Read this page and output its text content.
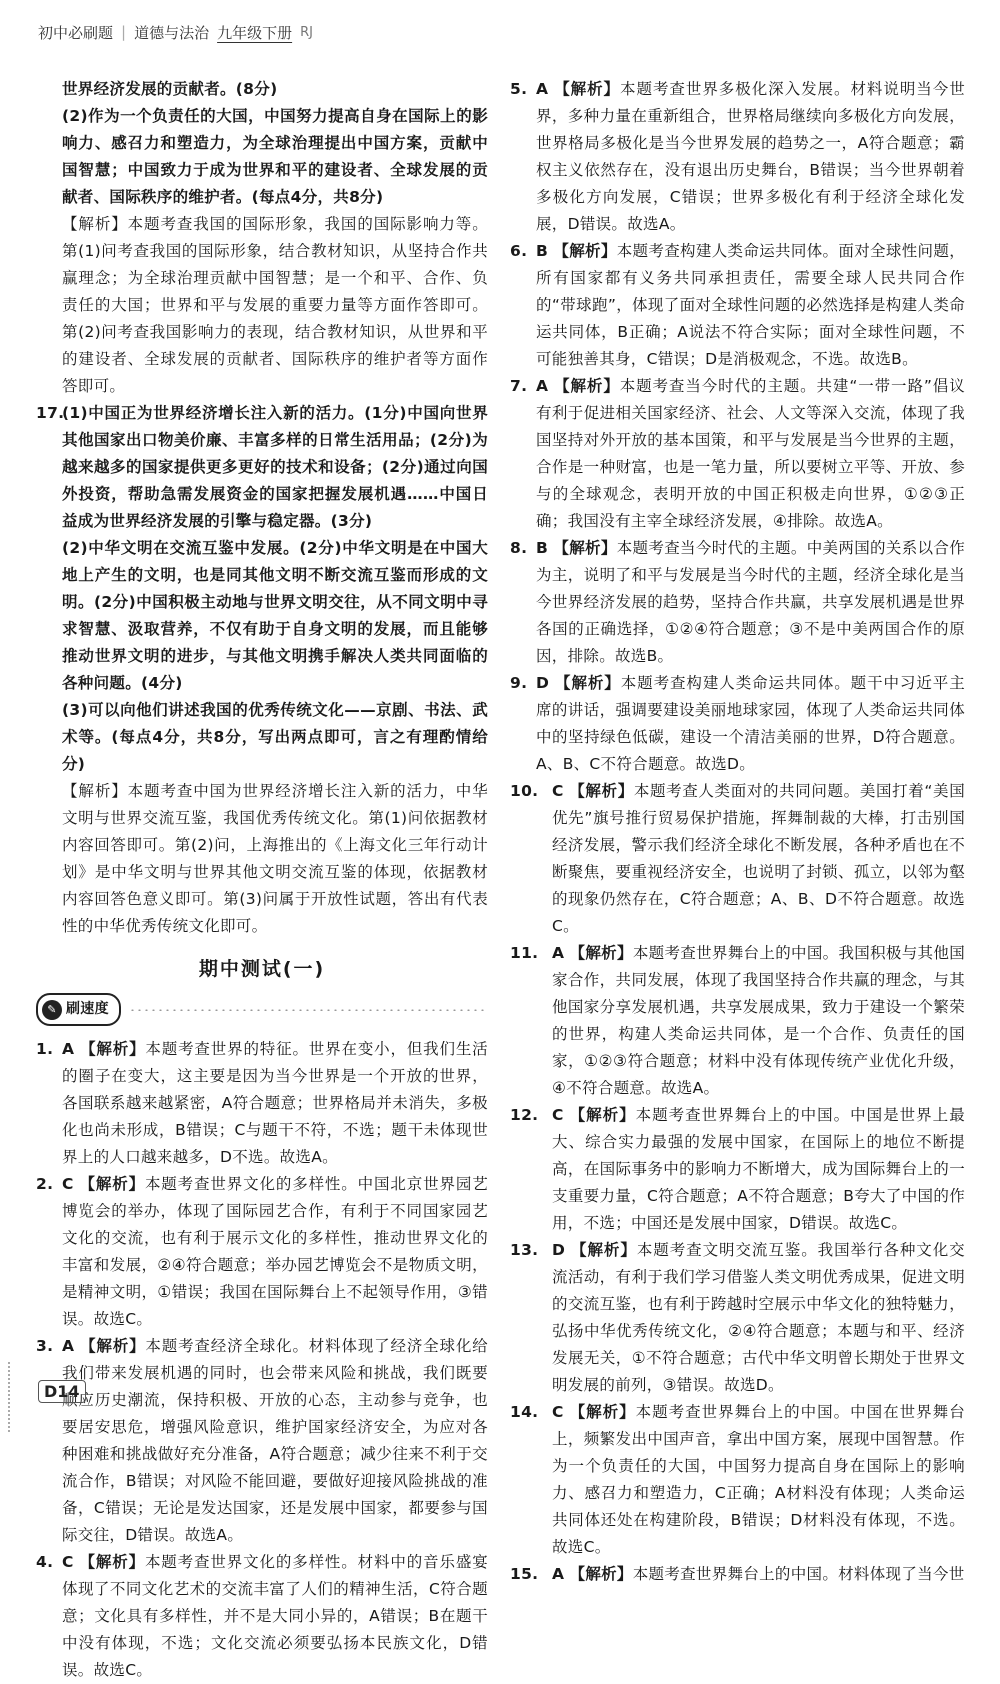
初中必刷题 | 道德与法治 九年级下册 RJ

世界经济发展的贡献者。(8分)

(2)作为一个负责任的大国，中国努力提高自身在国际上的影响力、感召力和塑造力，为全球治理提出中国方案，贡献中国智慧；中国致力于成为世界和平的建设者、全球发展的贡献者、国际秩序的维护者。(每点4分，共8分)

【解析】本题考查我国的国际形象，我国的国际影响力等。第(1)问考查我国的国际形象，结合教材知识，从坚持合作共赢理念；为全球治理贡献中国智慧；是一个和平、合作、负责任的大国；世界和平与发展的重要力量等方面作答即可。第(2)问考查我国影响力的表现，结合教材知识，从世界和平的建设者、全球发展的贡献者、国际秩序的维护者等方面作答即可。

17.

(1)中国正为世界经济增长注入新的活力。(1分)中国向世界其他国家出口物美价廉、丰富多样的日常生活用品；(2分)为越来越多的国家提供更多更好的技术和设备；(2分)通过向国外投资，帮助急需发展资金的国家把握发展机遇……中国日益成为世界经济发展的引擎与稳定器。(3分)

(2)中华文明在交流互鉴中发展。(2分)中华文明是在中国大地上产生的文明，也是同其他文明不断交流互鉴而形成的文明。(2分)中国积极主动地与世界文明交往，从不同文明中寻求智慧、汲取营养，不仅有助于自身文明的发展，而且能够推动世界文明的进步，与其他文明携手解决人类共同面临的各种问题。(4分)

(3)可以向他们讲述我国的优秀传统文化——京剧、书法、武术等。(每点4分，共8分，写出两点即可，言之有理酌情给分)

【解析】本题考查中国为世界经济增长注入新的活力，中华文明与世界交流互鉴，我国优秀传统文化。第(1)问依据教材内容回答即可。第(2)问，上海推出的《上海文化三年行动计划》是中华文明与世界其他文明交流互鉴的体现，依据教材内容回答色意义即可。第(3)问属于开放性试题，答出有代表性的中华优秀传统文化即可。

期中测试(一)
✎ 刷速度
1. A 【解析】本题考查世界的特征。世界在变小，但我们生活的圈子在变大，这主要是因为当今世界是一个开放的世界，各国联系越来越紧密，A符合题意；世界格局并未消失，多极化也尚未形成，B错误；C与题干不符，不选；题干未体现世界上的人口越来越多，D不选。故选A。
2. C 【解析】本题考查世界文化的多样性。中国北京世界园艺博览会的举办，体现了国际园艺合作，有利于不同国家园艺文化的交流，也有利于展示文化的多样性，推动世界文化的丰富和发展，②④符合题意；举办园艺博览会不是物质文明，是精神文明，①错误；我国在国际舞台上不起领导作用，③错误。故选C。
3. A 【解析】本题考查经济全球化。材料体现了经济全球化给我们带来发展机遇的同时，也会带来风险和挑战，我们既要顺应历史潮流，保持积极、开放的心态，主动参与竞争，也要居安思危，增强风险意识，维护国家经济安全，为应对各种困难和挑战做好充分准备，A符合题意；减少往来不利于交流合作，B错误；对风险不能回避，要做好迎接风险挑战的准备，C错误；无论是发达国家，还是发展中国家，都要参与国际交往，D错误。故选A。
4. C 【解析】本题考查世界文化的多样性。材料中的音乐盛宴体现了不同文化艺术的交流丰富了人们的精神生活，C符合题意；文化具有多样性，并不是大同小异的，A错误；B在题干中没有体现，不选；文化交流必须要弘扬本民族文化，D错误。故选C。
5. A 【解析】本题考查世界多极化深入发展。材料说明当今世界，多种力量在重新组合，世界格局继续向多极化方向发展，世界格局多极化是当今世界发展的趋势之一，A符合题意；霸权主义依然存在，没有退出历史舞台，B错误；当今世界朝着多极化方向发展，C错误；世界多极化有利于经济全球化发展，D错误。故选A。
6. B 【解析】本题考查构建人类命运共同体。面对全球性问题，所有国家都有义务共同承担责任，需要全球人民共同合作的“带球跑”，体现了面对全球性问题的必然选择是构建人类命运共同体，B正确；A说法不符合实际；面对全球性问题，不可能独善其身，C错误；D是消极观念，不选。故选B。
7. A 【解析】本题考查当今时代的主题。共建“一带一路”倡议有利于促进相关国家经济、社会、人文等深入交流，体现了我国坚持对外开放的基本国策，和平与发展是当今世界的主题，合作是一种财富，也是一笔力量，所以要树立平等、开放、参与的全球观念，表明开放的中国正积极走向世界，①②③正确；我国没有主宰全球经济发展，④排除。故选A。
8. B 【解析】本题考查当今时代的主题。中美两国的关系以合作为主，说明了和平与发展是当今时代的主题，经济全球化是当今世界经济发展的趋势，坚持合作共赢，共享发展机遇是世界各国的正确选择，①②④符合题意；③不是中美两国合作的原因，排除。故选B。
9. D 【解析】本题考查构建人类命运共同体。题干中习近平主席的讲话，强调要建设美丽地球家园，体现了人类命运共同体中的坚持绿色低碳，建设一个清洁美丽的世界，D符合题意。A、B、C不符合题意。故选D。
10. C 【解析】本题考查人类面对的共同问题。美国打着“美国优先”旗号推行贸易保护措施，挥舞制裁的大棒，打击别国经济发展，警示我们经济全球化不断发展，各种矛盾也在不断聚焦，要重视经济安全，也说明了封锁、孤立，以邻为壑的现象仍然存在，C符合题意；A、B、D不符合题意。故选C。
11. A 【解析】本题考查世界舞台上的中国。我国积极与其他国家合作，共同发展，体现了我国坚持合作共赢的理念，与其他国家分享发展机遇，共享发展成果，致力于建设一个繁荣的世界，构建人类命运共同体，是一个合作、负责任的国家，①②③符合题意；材料中没有体现传统产业优化升级，④不符合题意。故选A。
12. C 【解析】本题考查世界舞台上的中国。中国是世界上最大、综合实力最强的发展中国家，在国际上的地位不断提高，在国际事务中的影响力不断增大，成为国际舞台上的一支重要力量，C符合题意；A不符合题意；B夸大了中国的作用，不选；中国还是发展中国家，D错误。故选C。
13. D 【解析】本题考查文明交流互鉴。我国举行各种文化交流活动，有利于我们学习借鉴人类文明优秀成果，促进文明的交流互鉴，也有利于跨越时空展示中华文化的独特魅力，弘扬中华优秀传统文化，②④符合题意；本题与和平、经济发展无关，①不符合题意；古代中华文明曾长期处于世界文明发展的前列，③错误。故选D。
14. C 【解析】本题考查世界舞台上的中国。中国在世界舞台上，频繁发出中国声音，拿出中国方案，展现中国智慧。作为一个负责任的大国，中国努力提高自身在国际上的影响力、感召力和塑造力，C正确；A材料没有体现；人类命运共同体还处在构建阶段，B错误；D材料没有体现，不选。故选C。
15. A 【解析】本题考查世界舞台上的中国。材料体现了当今世
D14
